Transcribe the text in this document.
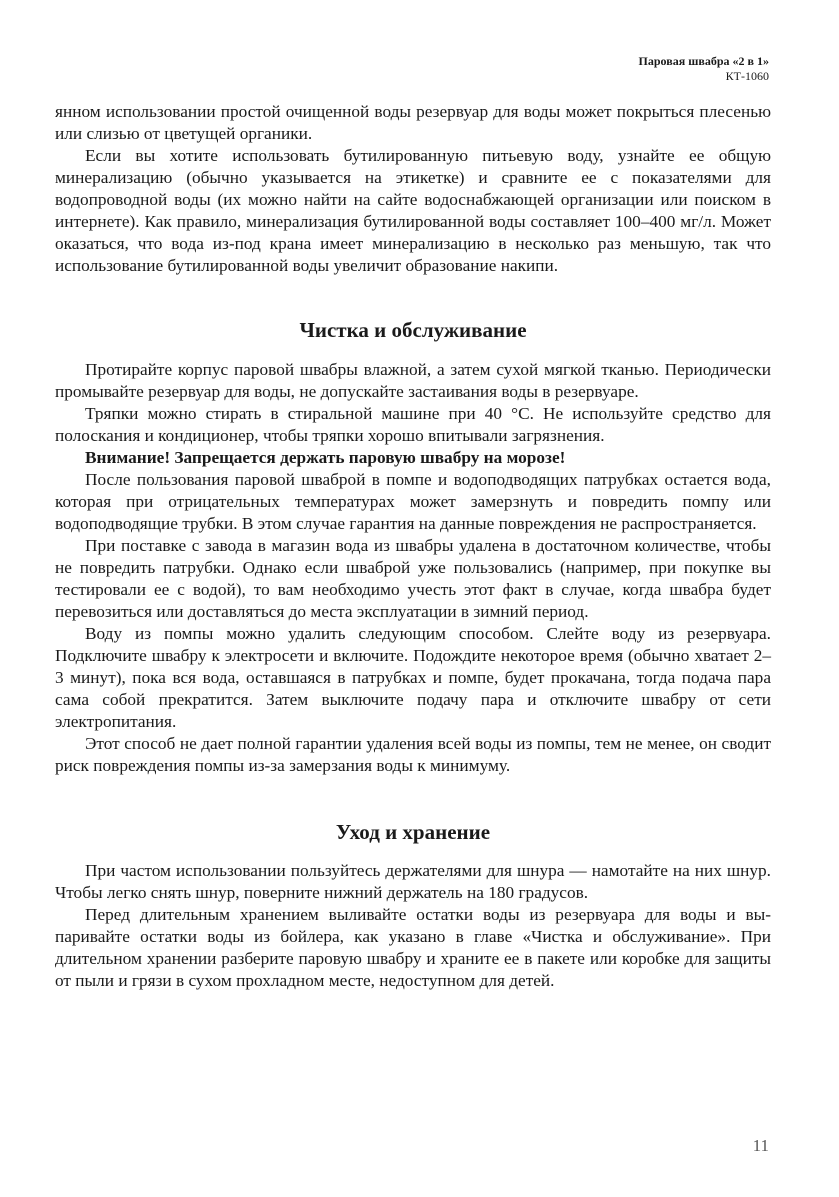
Паровая швабра «2 в 1»
КТ-1060

янном использовании простой очищенной воды резервуар для воды может покрыться плесенью или слизью от цветущей органики.

Если вы хотите использовать бутилированную питьевую воду, узнайте ее общую минерализацию (обычно указывается на этикетке) и сравните ее с показателями для водопроводной воды (их можно найти на сайте водоснабжающей организации или поиском в интернете). Как правило, минерализация бутилированной воды составляет 100–400 мг/л. Может оказаться, что вода из-под крана имеет минерализацию в несколько раз меньшую, так что использование бутилированной воды увеличит образование накипи.

Чистка и обслуживание

Протирайте корпус паровой швабры влажной, а затем сухой мягкой тканью. Периодически промывайте резервуар для воды, не допускайте застаивания воды в резервуаре.

Тряпки можно стирать в стиральной машине при 40 °С. Не используйте средство для полоскания и кондиционер, чтобы тряпки хорошо впитывали загрязнения.

Внимание! Запрещается держать паровую швабру на морозе!

После пользования паровой шваброй в помпе и водоподводящих патрубках остается вода, которая при отрицательных температурах может замерзнуть и повредить помпу или водоподводящие трубки. В этом случае гарантия на данные повреждения не распространяется.

При поставке с завода в магазин вода из швабры удалена в достаточном количестве, чтобы не повредить патрубки. Однако если шваброй уже пользовались (например, при покупке вы тестировали ее с водой), то вам необходимо учесть этот факт в случае, когда швабра будет перевозиться или доставляться до места эксплуатации в зимний период.

Воду из помпы можно удалить следующим способом. Слейте воду из резервуара. Подключите швабру к электросети и включите. Подождите некоторое время (обычно хватает 2–3 минут), пока вся вода, оставшаяся в патрубках и помпе, будет прокачана, тогда подача пара сама собой прекратится. Затем выключите подачу пара и отключите швабру от сети электропитания.

Этот способ не дает полной гарантии удаления всей воды из помпы, тем не менее, он сводит риск повреждения помпы из-за замерзания воды к минимуму.

Уход и хранение

При частом использовании пользуйтесь держателями для шнура — намотайте на них шнур. Чтобы легко снять шнур, поверните нижний держатель на 180 градусов.

Перед длительным хранением выливайте остатки воды из резервуара для воды и выпаривайте остатки воды из бойлера, как указано в главе «Чистка и обслуживание». При длительном хранении разберите паровую швабру и храните ее в пакете или коробке для защиты от пыли и грязи в сухом прохладном месте, недоступном для детей.

11
